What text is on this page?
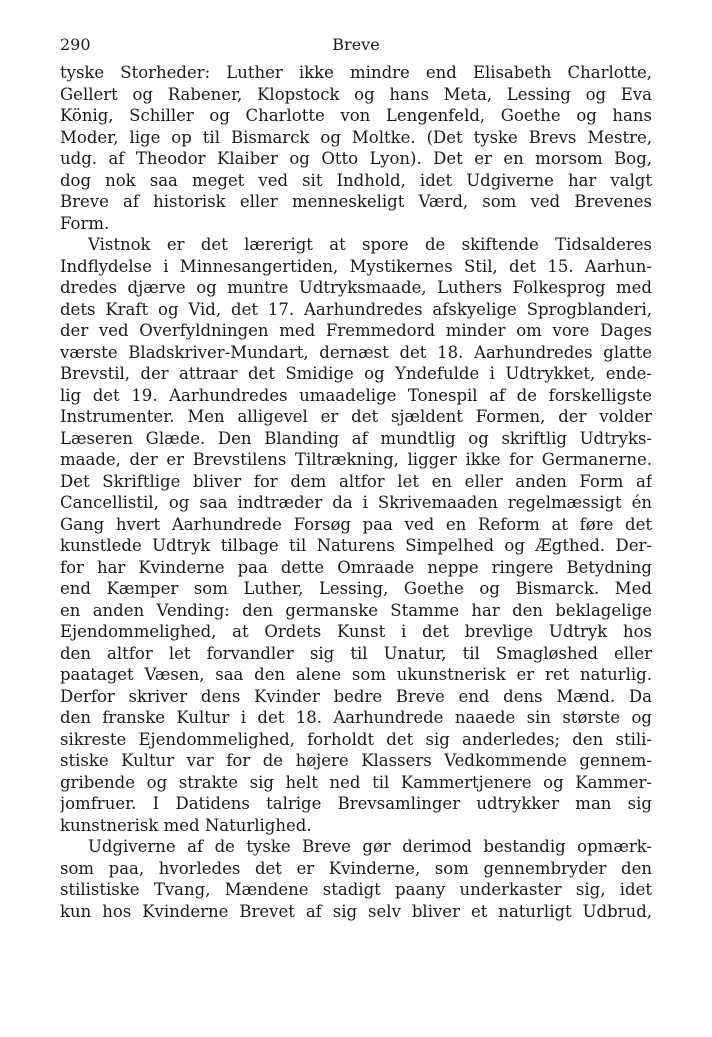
290	Breve
tyske Storheder: Luther ikke mindre end Elisabeth Charlotte,
Gellert og Rabener, Klopstock og hans Meta, Lessing og Eva
König, Schiller og Charlotte von Lengenfeld, Goethe og hans
Moder, lige op til Bismarck og Moltke. (Det tyske Brevs Mestre,
udg. af Theodor Klaiber og Otto Lyon). Det er en morsom Bog,
dog nok saa meget ved sit Indhold, idet Udgiverne har valgt
Breve af historisk eller menneskeligt Værd, som ved Brevenes
Form.
Vistnok er det lærerigt at spore de skiftende Tidsalderes
Indflydelse i Minnesangertiden, Mystikernes Stil, det 15. Aarhun-
dredes djærve og muntre Udtryksmaade, Luthers Folkesprog med
dets Kraft og Vid, det 17. Aarhundredes afskyelige Sprogblanderi,
der ved Overfyldningen med Fremmedord minder om vore Dages
værste Bladskriver-Mundart, dernæst det 18. Aarhundredes glatte
Brevstil, der attraar det Smidige og Yndefulde i Udtrykket, ende-
lig det 19. Aarhundredes umaadelige Tonespil af de forskelligste
Instrumenter. Men alligevel er det sjældent Formen, der volder
Læseren Glæde. Den Blanding af mundtlig og skriftlig Udtryks-
maade, der er Brevstilens Tiltrækning, ligger ikke for Germanerne.
Det Skriftlige bliver for dem altfor let en eller anden Form af
Cancellistil, og saa indtræder da i Skrivemaaden regelmæssigt én
Gang hvert Aarhundrede Forsøg paa ved en Reform at føre det
kunstlede Udtryk tilbage til Naturens Simpelhed og Ægthed. Der-
for har Kvinderne paa dette Omraade neppe ringere Betydning
end Kæmper som Luther, Lessing, Goethe og Bismarck. Med
en anden Vending: den germanske Stamme har den beklagelige
Ejendommelighed, at Ordets Kunst i det brevlige Udtryk hos
den altfor let forvandler sig til Unatur, til Smagløshed eller
paataget Væsen, saa den alene som ukunstnerisk er ret naturlig.
Derfor skriver dens Kvinder bedre Breve end dens Mænd. Da
den franske Kultur i det 18. Aarhundrede naaede sin største og
sikreste Ejendommelighed, forholdt det sig anderledes; den stili-
stiske Kultur var for de højere Klassers Vedkommende gennem-
gribende og strakte sig helt ned til Kammertjenere og Kammer-
jomfruer. I Datidens talrige Brevsamlinger udtrykker man sig
kunstnerisk med Naturlighed.
Udgiverne af de tyske Breve gør derimod bestandig opmærk-
som paa, hvorledes det er Kvinderne, som gennembryder den
stilistiske Tvang, Mændene stadigt paany underkaster sig, idet
kun hos Kvinderne Brevet af sig selv bliver et naturligt Udbrud,
